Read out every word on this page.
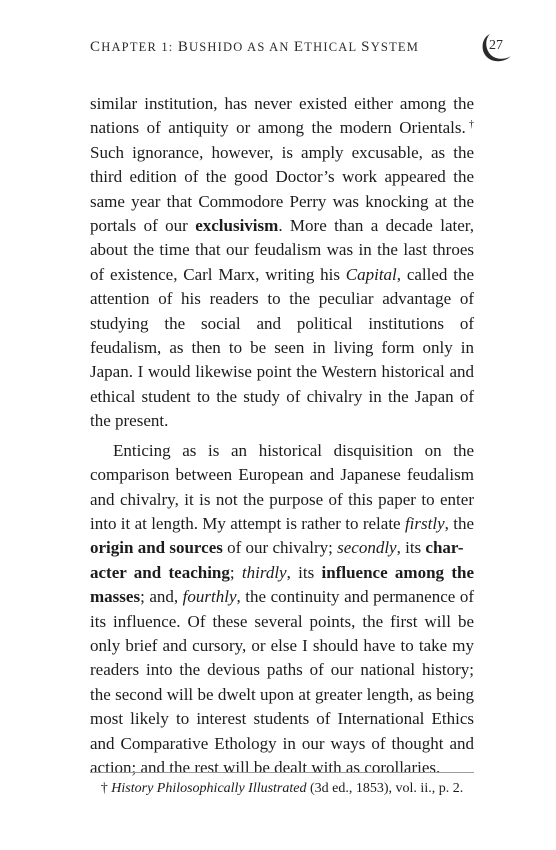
CHAPTER 1: BUSHIDO AS AN ETHICAL SYSTEM	27

similar institution, has never existed either among the nations of antiquity or among the modern Orientals.† Such ignorance, however, is amply excusable, as the third edition of the good Doctor’s work appeared the same year that Commodore Perry was knocking at the portals of our exclusivism. More than a decade later, about the time that our feudalism was in the last throes of existence, Carl Marx, writing his Capital, called the attention of his readers to the peculiar advantage of studying the social and political institutions of feudalism, as then to be seen in living form only in Japan. I would likewise point the Western historical and ethical student to the study of chivalry in the Japan of the present.

Enticing as is an historical disquisition on the comparison between European and Japanese feudalism and chivalry, it is not the purpose of this paper to enter into it at length. My attempt is rather to relate firstly, the origin and sources of our chivalry; secondly, its char-
acter and teaching; thirdly, its influence among the masses; and, fourthly, the continuity and permanence of its influence. Of these several points, the first will be only brief and cursory, or else I should have to take my readers into the devious paths of our national history; the second will be dwelt upon at greater length, as being most likely to interest students of International Ethics and Comparative Ethology in our ways of thought and action; and the rest will be dealt with as corollaries.

† History Philosophically Illustrated (3d ed., 1853), vol. ii., p. 2.
